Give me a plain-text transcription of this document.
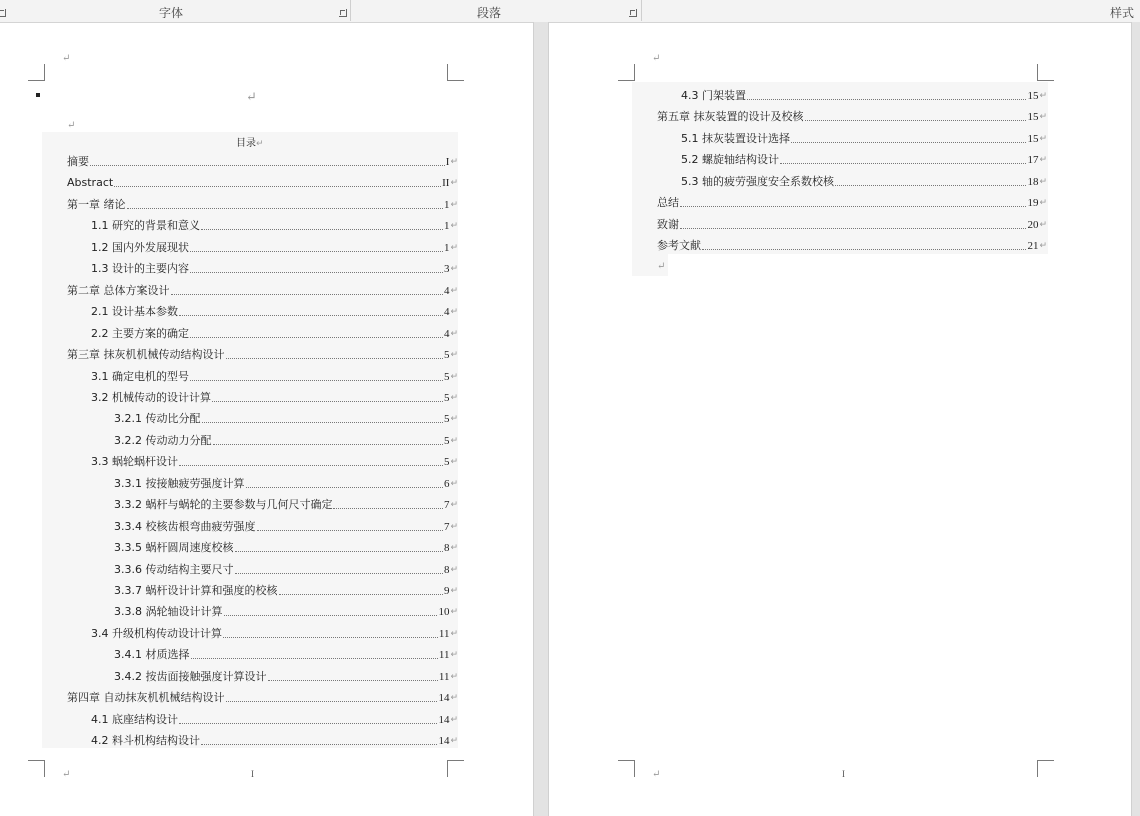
字体	段落	样式
↵
↵
↵
目录↵
摘要	I ↵
Abstract	II ↵
第一章 绪论	1 ↵
1.1 研究的背景和意义	1 ↵
1.2 国内外发展现状	1 ↵
1.3 设计的主要内容	3 ↵
第二章 总体方案设计	4 ↵
2.1 设计基本参数	4 ↵
2.2 主要方案的确定	4 ↵
第三章 抹灰机机械传动结构设计	5 ↵
3.1 确定电机的型号	5 ↵
3.2 机械传动的设计计算	5 ↵
3.2.1 传动比分配	5 ↵
3.2.2 传动动力分配	5 ↵
3.3 蜗轮蜗杆设计	5 ↵
3.3.1 按接触疲劳强度计算	6 ↵
3.3.2 蜗杆与蜗轮的主要参数与几何尺寸确定	7 ↵
3.3.4 校核齿根弯曲疲劳强度	7 ↵
3.3.5 蜗杆圆周速度校核	8 ↵
3.3.6 传动结构主要尺寸	8 ↵
3.3.7 蜗杆设计计算和强度的校核	9 ↵
3.3.8 涡轮轴设计计算	10 ↵
3.4 升级机构传动设计计算	11 ↵
3.4.1 材质选择	11 ↵
3.4.2 按齿面接触强度计算设计	11 ↵
第四章 自动抹灰机机械结构设计	14 ↵
4.1 底座结构设计	14 ↵
4.2 料斗机构结构设计	14 ↵
↵	I
↵
4.3 门架装置	15 ↵
第五章 抹灰装置的设计及校核	15 ↵
5.1 抹灰装置设计选择	15 ↵
5.2 螺旋轴结构设计	17 ↵
5.3 轴的疲劳强度安全系数校核	18 ↵
总结	19 ↵
致谢	20 ↵
参考文献	21 ↵
↵
↵	I
